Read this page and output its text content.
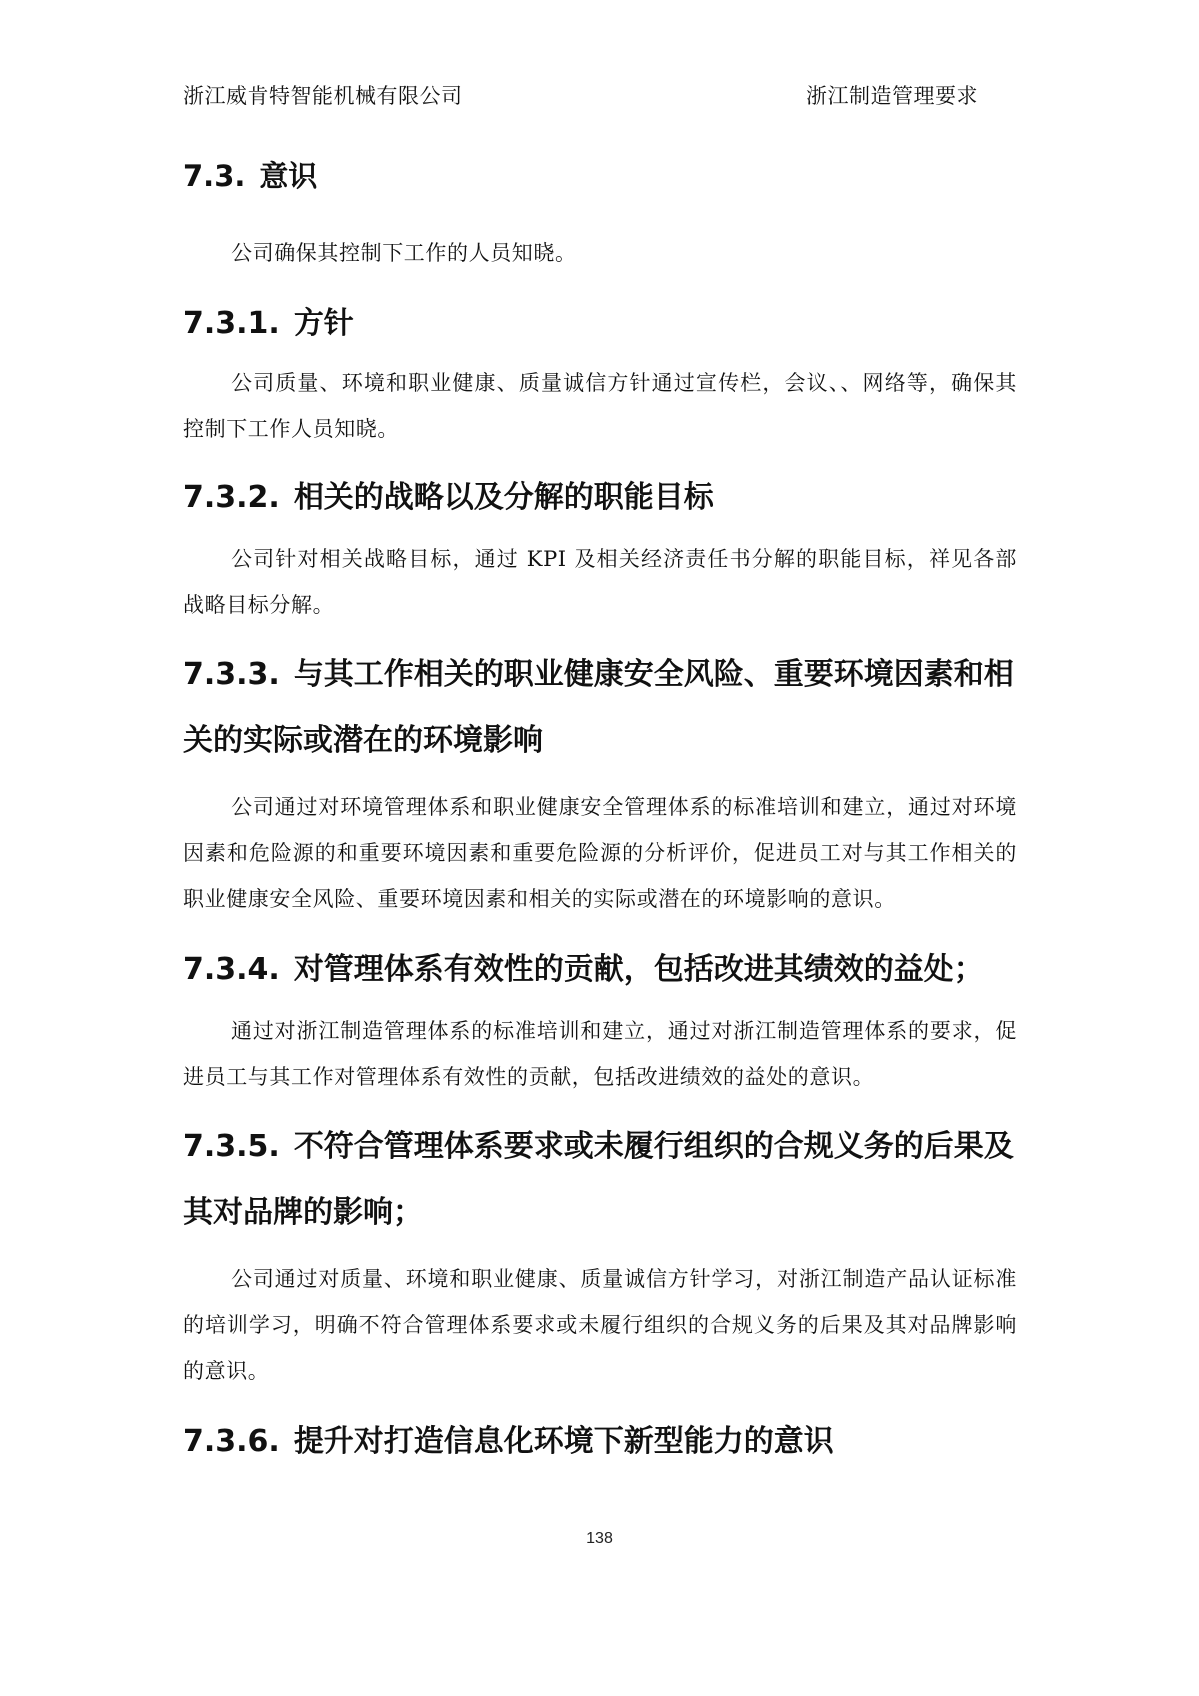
浙江威肯特智能机械有限公司	浙江制造管理要求
7.3. 意识

公司确保其控制下工作的人员知晓。

7.3.1. 方针

公司质量、环境和职业健康、质量诚信方针通过宣传栏，会议、、网络等，确保其控制下工作人员知晓。

7.3.2. 相关的战略以及分解的职能目标

公司针对相关战略目标，通过 KPI 及相关经济责任书分解的职能目标，祥见各部战略目标分解。

7.3.3. 与其工作相关的职业健康安全风险、重要环境因素和相关的实际或潜在的环境影响

公司通过对环境管理体系和职业健康安全管理体系的标准培训和建立，通过对环境因素和危险源的和重要环境因素和重要危险源的分析评价，促进员工对与其工作相关的职业健康安全风险、重要环境因素和相关的实际或潜在的环境影响的意识。

7.3.4. 对管理体系有效性的贡献，包括改进其绩效的益处；

通过对浙江制造管理体系的标准培训和建立，通过对浙江制造管理体系的要求，促进员工与其工作对管理体系有效性的贡献，包括改进绩效的益处的意识。

7.3.5. 不符合管理体系要求或未履行组织的合规义务的后果及其对品牌的影响；

公司通过对质量、环境和职业健康、质量诚信方针学习，对浙江制造产品认证标准的培训学习，明确不符合管理体系要求或未履行组织的合规义务的后果及其对品牌影响的意识。

7.3.6. 提升对打造信息化环境下新型能力的意识
138
